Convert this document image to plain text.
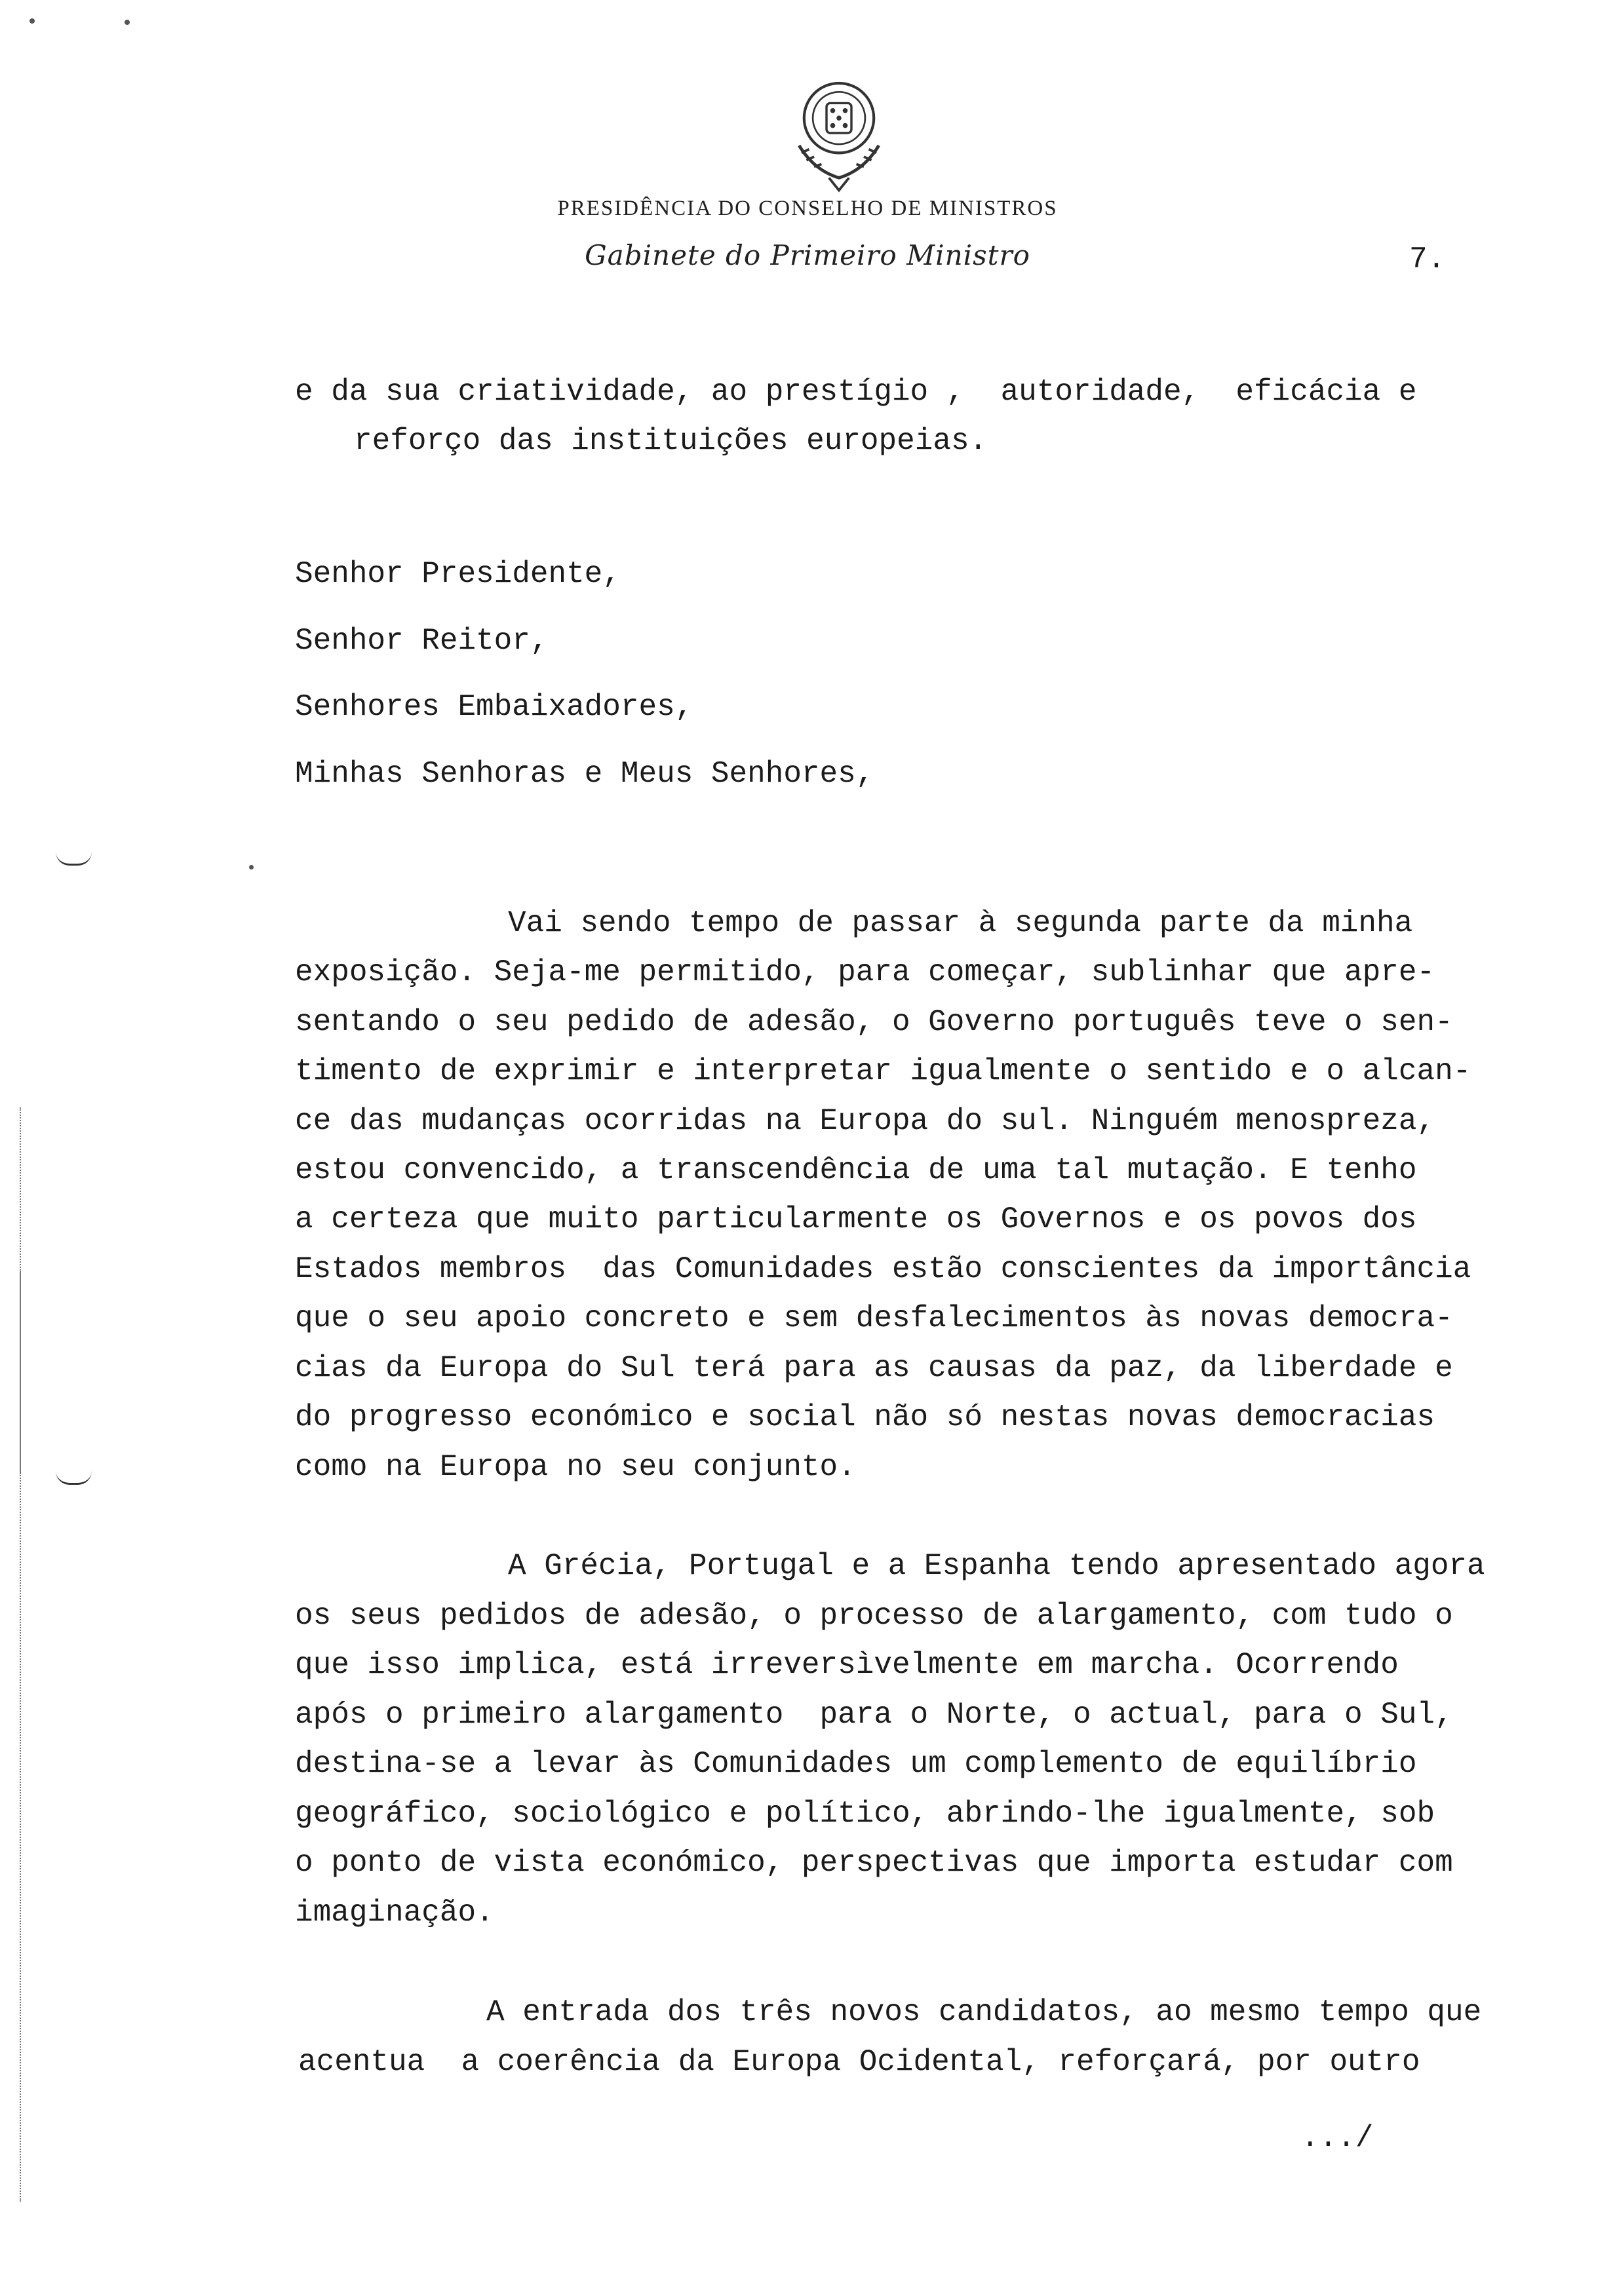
PRESIDÊNCIA DO CONSELHO DE MINISTROS
Gabinete do Primeiro Ministro	7.
e da sua criatividade, ao prestígio ,  autoridade,  eficácia e
reforço das instituições europeias.
Senhor Presidente,
Senhor Reitor,
Senhores Embaixadores,
Minhas Senhoras e Meus Senhores,
Vai sendo tempo de passar à segunda parte da minha
exposição. Seja-me permitido, para começar, sublinhar que apre-
sentando o seu pedido de adesão, o Governo português teve o sen-
timento de exprimir e interpretar igualmente o sentido e o alcan-
ce das mudanças ocorridas na Europa do sul. Ninguém menospreza,
estou convencido, a transcendência de uma tal mutação. E tenho
a certeza que muito particularmente os Governos e os povos dos
Estados membros  das Comunidades estão conscientes da importância
que o seu apoio concreto e sem desfalecimentos às novas democra-
cias da Europa do Sul terá para as causas da paz, da liberdade e
do progresso económico e social não só nestas novas democracias
como na Europa no seu conjunto.
A Grécia, Portugal e a Espanha tendo apresentado agora
os seus pedidos de adesão, o processo de alargamento, com tudo o
que isso implica, está irreversìvelmente em marcha. Ocorrendo
após o primeiro alargamento  para o Norte, o actual, para o Sul,
destina-se a levar às Comunidades um complemento de equilíbrio
geográfico, sociológico e político, abrindo-lhe igualmente, sob
o ponto de vista económico, perspectivas que importa estudar com
imaginação.
A entrada dos três novos candidatos, ao mesmo tempo que
acentua  a coerência da Europa Ocidental, reforçará, por outro
.../
